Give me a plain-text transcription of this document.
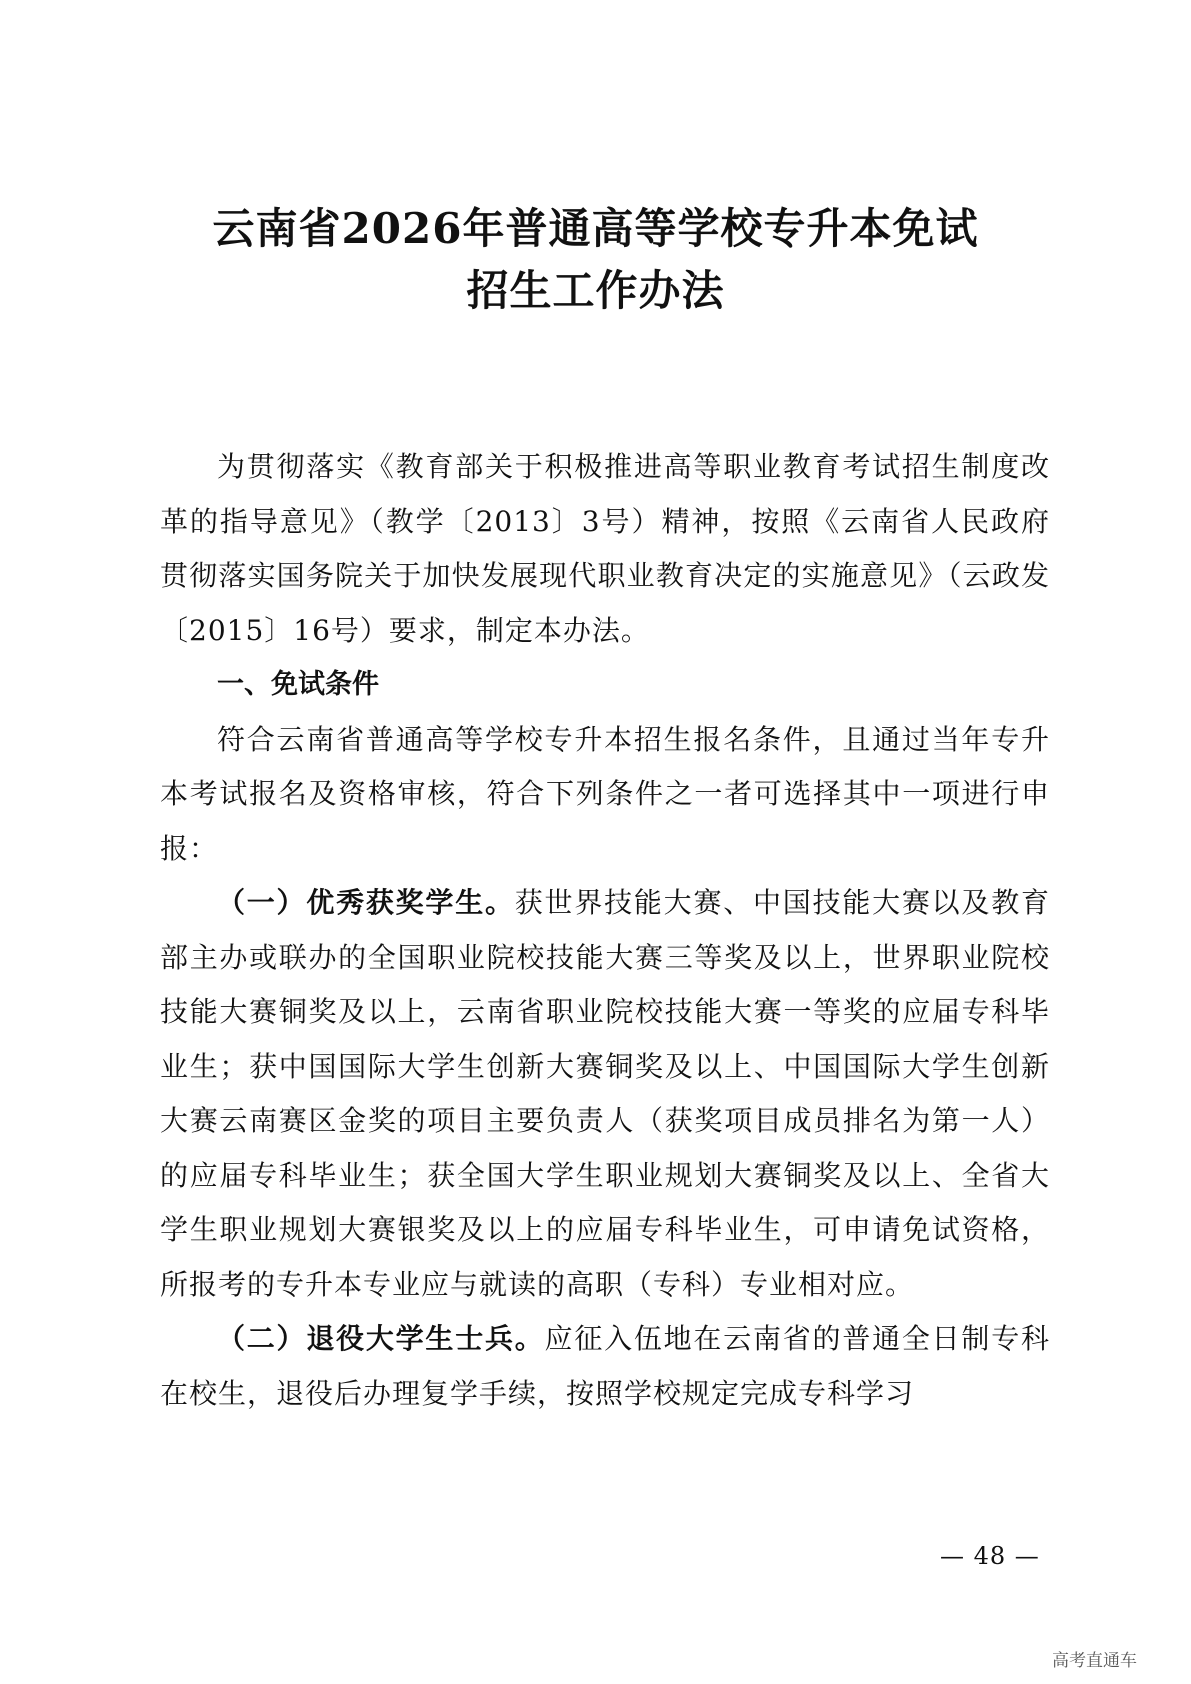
云南省2026年普通高等学校专升本免试
招生工作办法

为贯彻落实《教育部关于积极推进高等职业教育考试招生制度改革的指导意见》（教学〔2013〕3号）精神，按照《云南省人民政府贯彻落实国务院关于加快发展现代职业教育决定的实施意见》（云政发〔2015〕16号）要求，制定本办法。

一、免试条件

符合云南省普通高等学校专升本招生报名条件，且通过当年专升本考试报名及资格审核，符合下列条件之一者可选择其中一项进行申报：

（一）优秀获奖学生。获世界技能大赛、中国技能大赛以及教育部主办或联办的全国职业院校技能大赛三等奖及以上，世界职业院校技能大赛铜奖及以上，云南省职业院校技能大赛一等奖的应届专科毕业生；获中国国际大学生创新大赛铜奖及以上、中国国际大学生创新大赛云南赛区金奖的项目主要负责人（获奖项目成员排名为第一人）的应届专科毕业生；获全国大学生职业规划大赛铜奖及以上、全省大学生职业规划大赛银奖及以上的应届专科毕业生，可申请免试资格，所报考的专升本专业应与就读的高职（专科）专业相对应。

（二）退役大学生士兵。应征入伍地在云南省的普通全日制专科在校生，退役后办理复学手续，按照学校规定完成专科学习

— 48 —
高考直通车
